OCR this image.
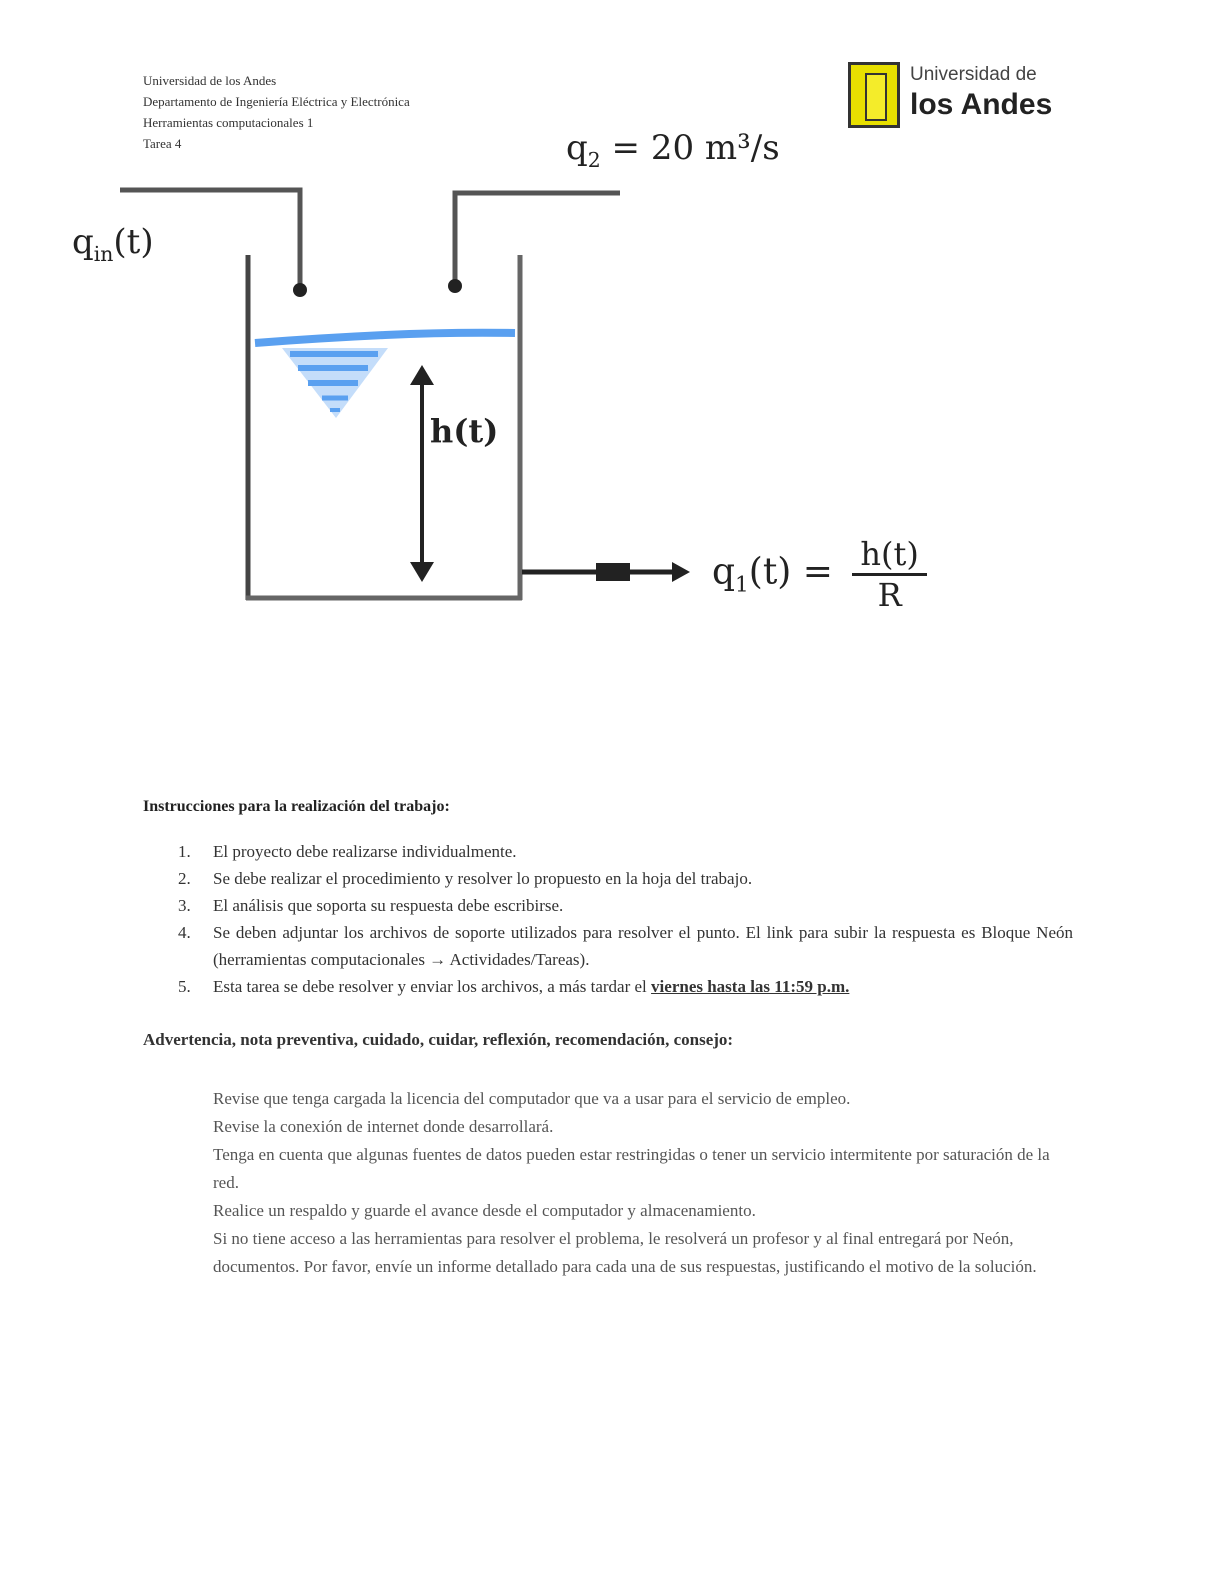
Universidad de los Andes
Departamento de Ingeniería Eléctrica y Electrónica
Herramientas computacionales 1
Tarea 4
Universidad de
los Andes
$q_{in}(t)$
$q_2 = 20$ m³/s
h(t)
$q_1(t) = \frac{h(t)}{R}$
Instrucciones para la realización del trabajo:
1. El proyecto debe realizarse individualmente.
2. Se debe realizar el procedimiento y resolver lo propuesto en la hoja del trabajo.
3. El análisis que soporta su respuesta debe escribirse.
4. Se deben adjuntar los archivos de soporte utilizados para resolver el punto. El link para subir la respuesta es Bloque Neón (herramientas computacionales → Actividades/Tareas).
5. Esta tarea se debe resolver y enviar los archivos, a más tardar el viernes hasta las 11:59 p.m.
Advertencia, nota preventiva, cuidado, cuidar, reflexión, recomendación, consejo:

Revise que tenga cargada la licencia del computador que va a usar para el servicio de empleo.

Revise la conexión de internet donde desarrollará.

Tenga en cuenta que algunas fuentes de datos pueden estar restringidas o tener un servicio intermitente por saturación de la red.

Realice un respaldo y guarde el avance desde el computador y almacenamiento.

Si no tiene acceso a las herramientas para resolver el problema, le resolverá un profesor y al final entregará por Neón, documentos. Por favor, envíe un informe detallado para cada una de sus respuestas, justificando el motivo de la solución.
